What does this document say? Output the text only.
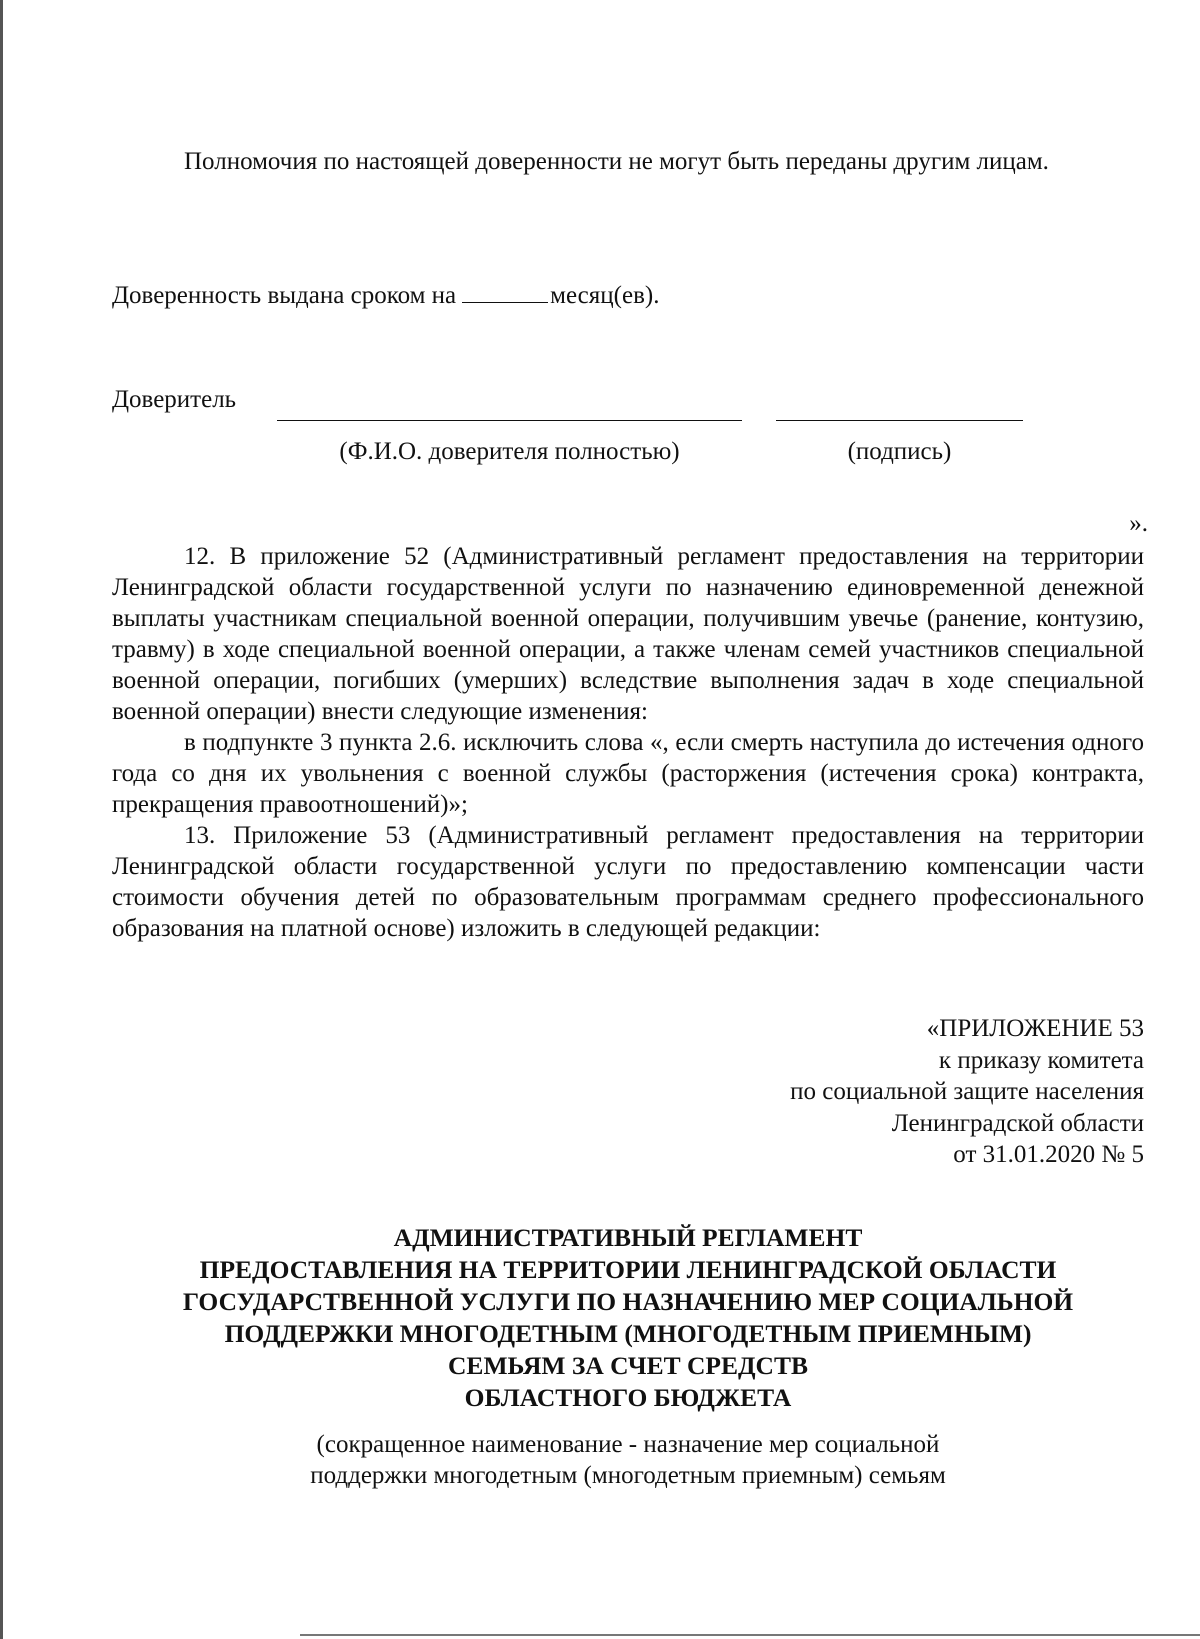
Полномочия по настоящей доверенности не могут быть переданы другим лицам.

Доверенность выдана сроком на	месяц(ев).
Доверитель
(Ф.И.О. доверителя полностью)	(подпись)
».

12. В приложение 52 (Административный регламент предоставления на территории Ленинградской области государственной услуги по назначению единовременной денежной выплаты участникам специальной военной операции, получившим увечье (ранение, контузию, травму) в ходе специальной военной операции, а также членам семей участников специальной военной операции, погибших (умерших) вследствие выполнения задач в ходе специальной военной операции) внести следующие изменения:

в подпункте 3 пункта 2.6. исключить слова «, если смерть наступила до истечения одного года со дня их увольнения с военной службы (расторжения (истечения срока) контракта, прекращения правоотношений)»;

13. Приложение 53 (Административный регламент предоставления на территории Ленинградской области государственной услуги по предоставлению компенсации части стоимости обучения детей по образовательным программам среднего профессионального образования на платной основе) изложить в следующей редакции:

«ПРИЛОЖЕНИЕ 53
к приказу комитета
по социальной защите населения
Ленинградской области
от 31.01.2020 № 5
АДМИНИСТРАТИВНЫЙ РЕГЛАМЕНТ
ПРЕДОСТАВЛЕНИЯ НА ТЕРРИТОРИИ ЛЕНИНГРАДСКОЙ ОБЛАСТИ
ГОСУДАРСТВЕННОЙ УСЛУГИ ПО НАЗНАЧЕНИЮ МЕР СОЦИАЛЬНОЙ
ПОДДЕРЖКИ МНОГОДЕТНЫМ (МНОГОДЕТНЫМ ПРИЕМНЫМ)
СЕМЬЯМ ЗА СЧЕТ СРЕДСТВ
ОБЛАСТНОГО БЮДЖЕТА
(сокращенное наименование - назначение мер социальной
поддержки многодетным (многодетным приемным) семьям
